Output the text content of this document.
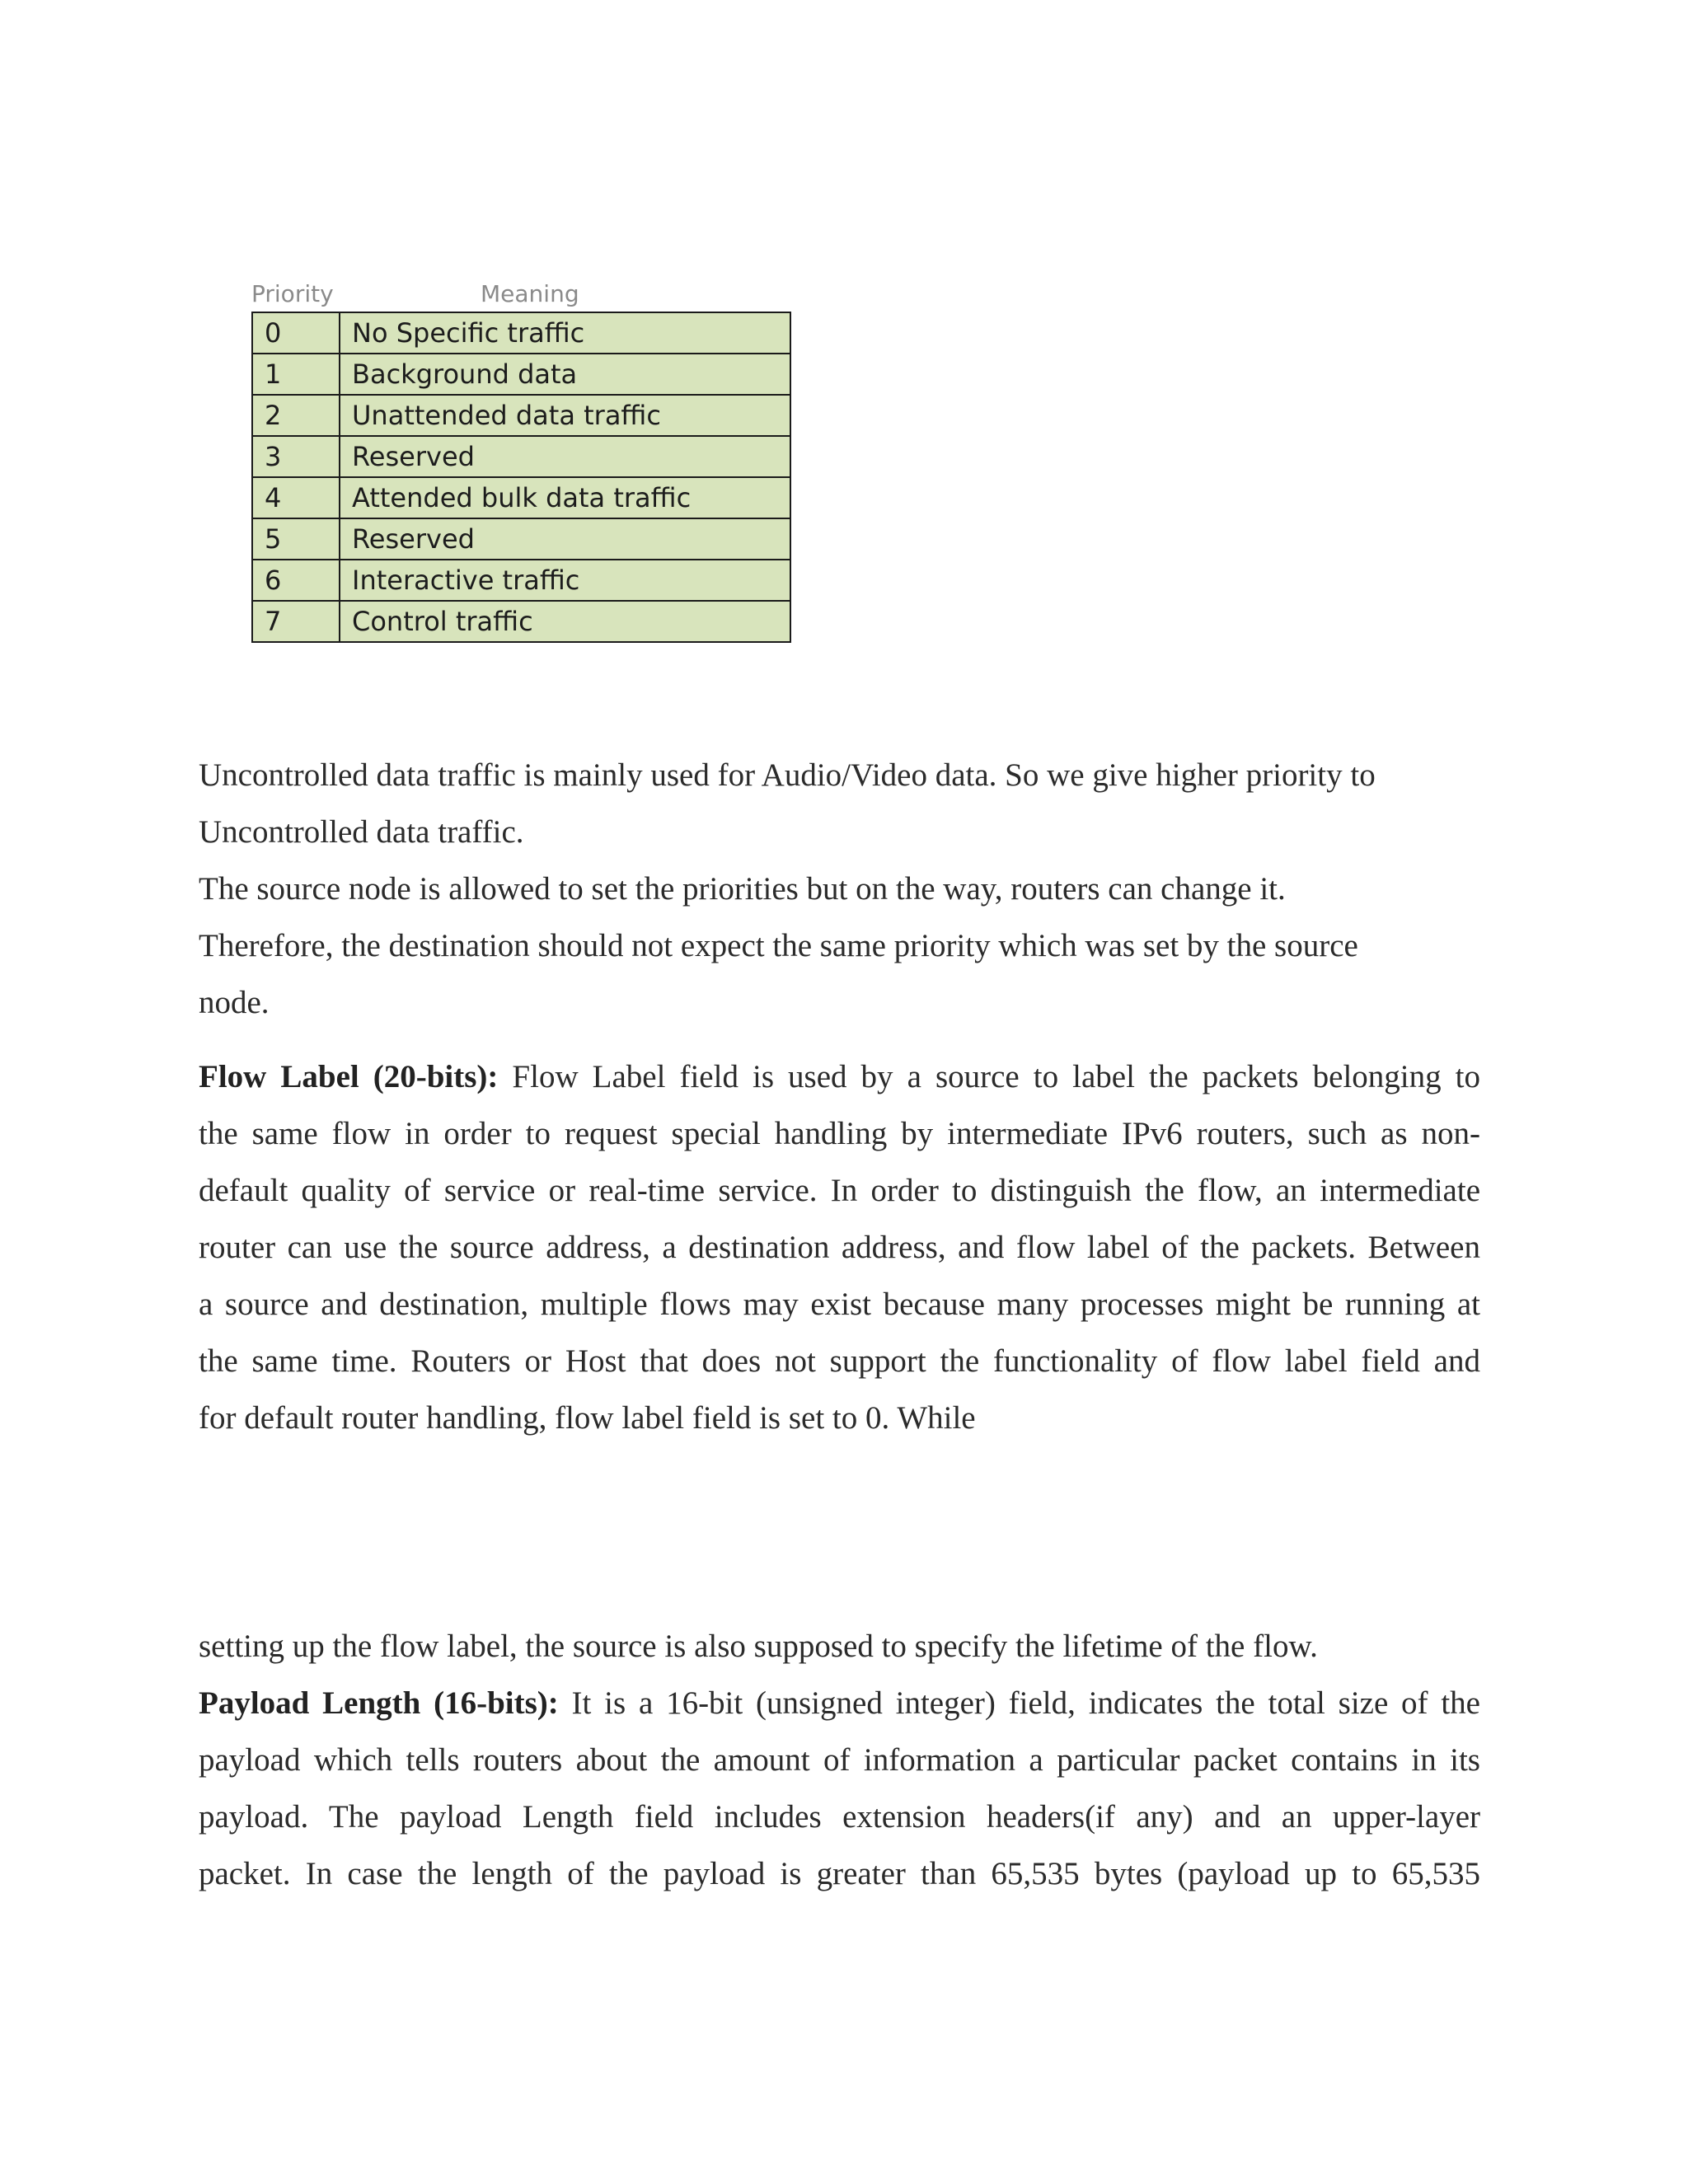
Priority	Meaning
0	No Specific traffic
1	Background data
2	Unattended data traffic
3	Reserved
4	Attended bulk data traffic
5	Reserved
6	Interactive traffic
7	Control traffic
Uncontrolled data traffic is mainly used for Audio/Video data. So we give higher priority to
Uncontrolled data traffic.
The source node is allowed to set the priorities but on the way, routers can change it.
Therefore, the destination should not expect the same priority which was set by the source
node.
Flow Label (20-bits): Flow Label field is used by a source to label the packets belonging to
the same flow in order to request special handling by intermediate IPv6 routers, such as non-
default quality of service or real-time service. In order to distinguish the flow, an intermediate
router can use the source address, a destination address, and flow label of the packets. Between
a source and destination, multiple flows may exist because many processes might be running at
the same time. Routers or Host that does not support the functionality of flow label field and
for default router handling, flow label field is set to 0. While
setting up the flow label, the source is also supposed to specify the lifetime of the flow.
Payload Length (16-bits): It is a 16-bit (unsigned integer) field, indicates the total size of the
payload which tells routers about the amount of information a particular packet contains in its
payload. The payload Length field includes extension headers(if any) and an upper-layer
packet. In case the length of the payload is greater than 65,535 bytes (payload up to 65,535
